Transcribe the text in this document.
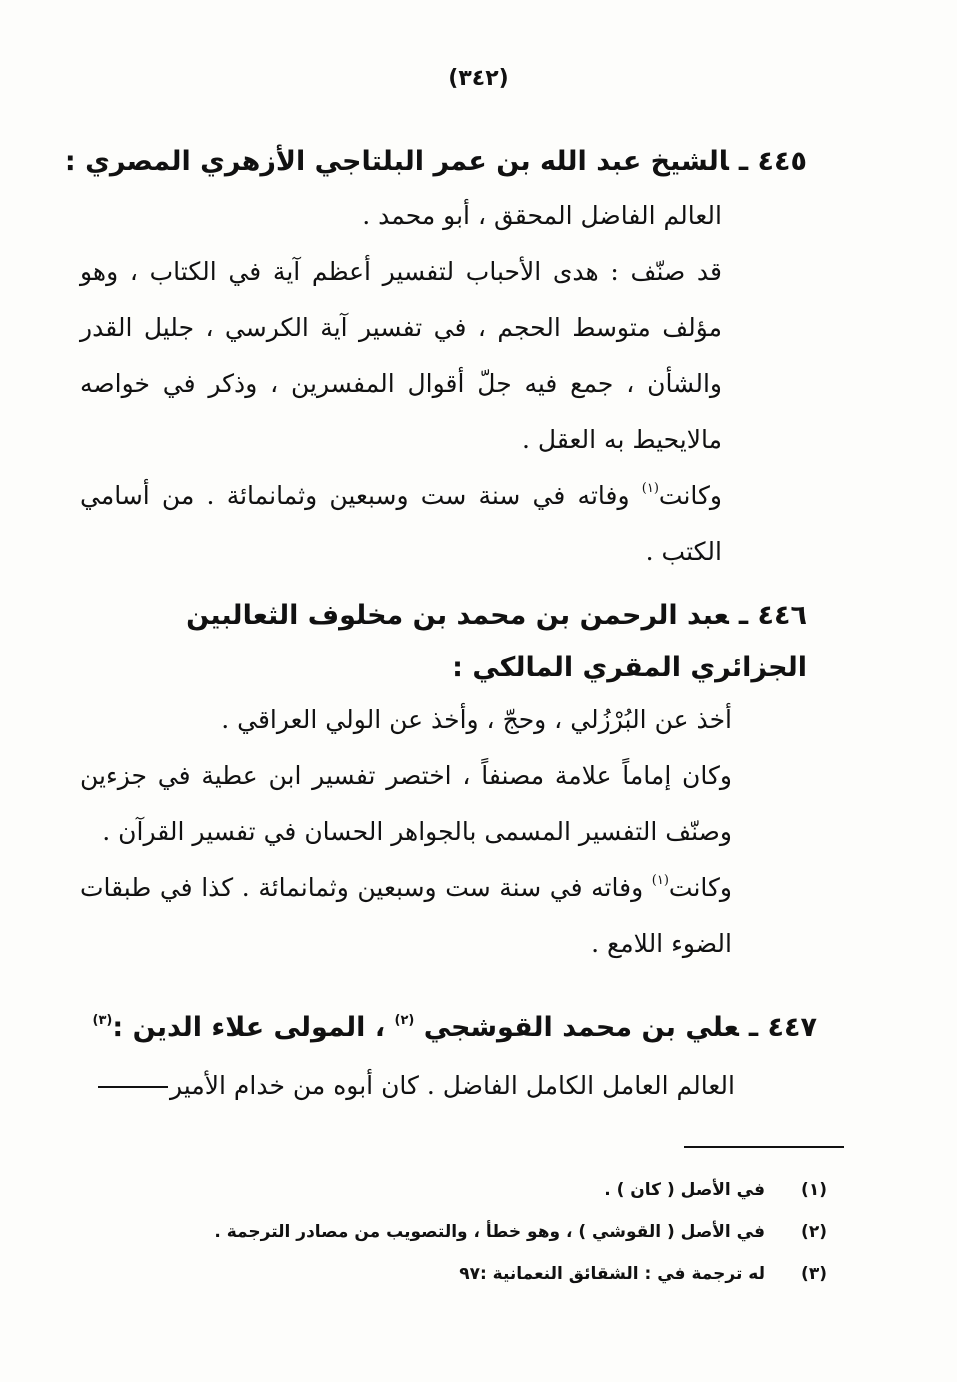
(٣٤٢)
٤٤٥ ـالشيخ عبد الله بن عمر البلتاجي الأزهري المصري :

العالم الفاضل المحقق ، أبو محمد .

قد صنّف : هدى الأحباب لتفسير أعظم آية في الكتاب ، وهو مؤلف متوسط الحجم ، في تفسير آية الكرسي ، جليل القدر والشأن ، جمع فيه جلّ أقوال المفسرين ، وذكر في خواصه مالايحيط به العقل .

وكانت$^{(١)}$ وفاته في سنة ست وسبعين وثمانمائة . من أسامي الكتب .

٤٤٦ ـعبد الرحمن بن محمد بن مخلوف الثعالبين الجزائري المقري المالكي :

أخذ عن البُرْزُلي ، وحجّ ، وأخذ عن الولي العراقي .

وكان إماماً علامة مصنفاً ، اختصر تفسير ابن عطية في جزءين وصنّف التفسير المسمى بالجواهر الحسان في تفسير القرآن .

وكانت$^{(١)}$ وفاته في سنة ست وسبعين وثمانمائة . كذا في طبقات الضوء اللامع .

٤٤٧ ـعلي بن محمد القوشجي $^{(٢)}$ ، المولى علاء الدين :$^{(٣)}$

العالم العامل الكامل الفاضل . كان أبوه من خدام الأمير

(١)في الأصل ( كان ) .
(٢)في الأصل ( القوشي ) ، وهو خطأ ، والتصويب من مصادر الترجمة .
(٣)له ترجمة في : الشقائق النعمانية :٩٧
